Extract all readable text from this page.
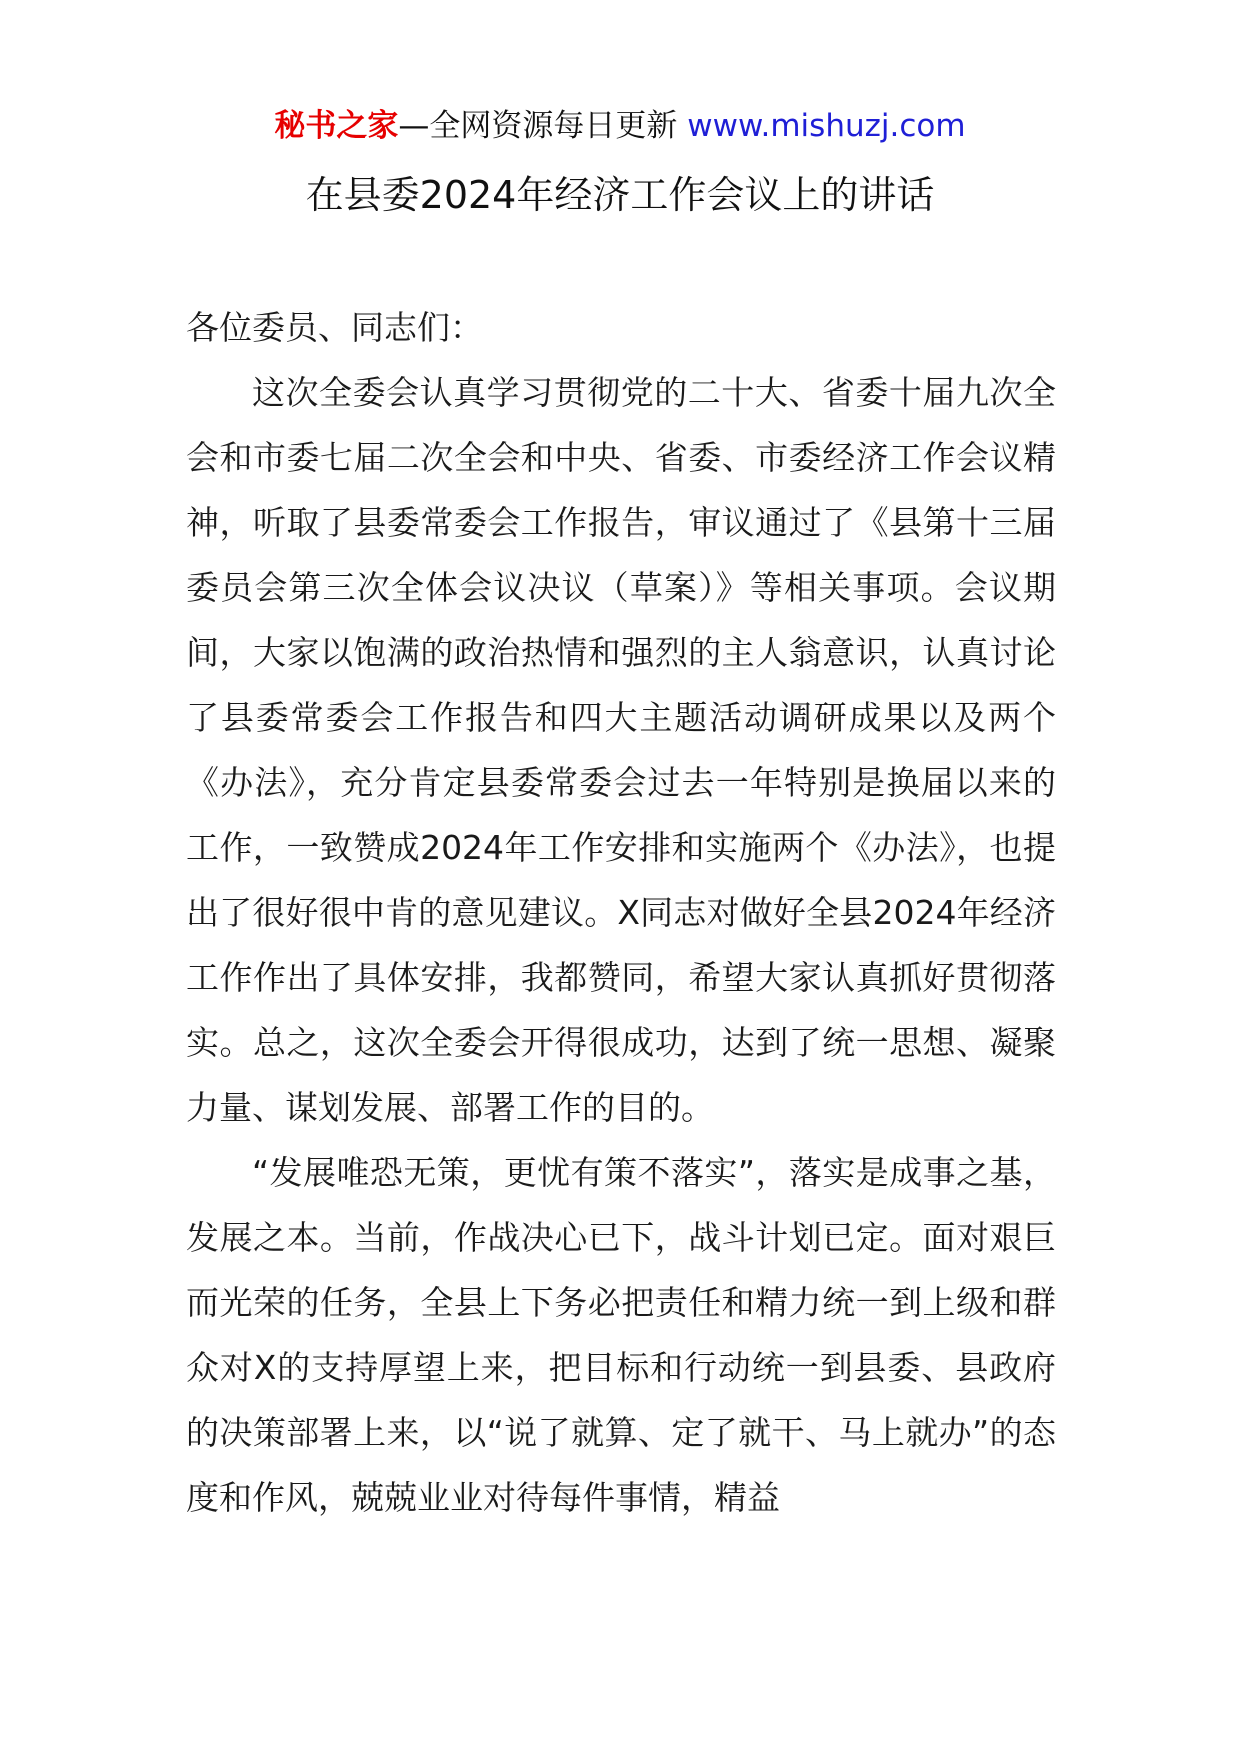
秘书之家—全网资源每日更新 www.mishuzj.com
在县委2024年经济工作会议上的讲话

各位委员、同志们：

这次全委会认真学习贯彻党的二十大、省委十届九次全会和市委七届二次全会和中央、省委、市委经济工作会议精神，听取了县委常委会工作报告，审议通过了《县第十三届委员会第三次全体会议决议（草案）》等相关事项。会议期间，大家以饱满的政治热情和强烈的主人翁意识，认真讨论了县委常委会工作报告和四大主题活动调研成果以及两个《办法》，充分肯定县委常委会过去一年特别是换届以来的工作，一致赞成2024年工作安排和实施两个《办法》，也提出了很好很中肯的意见建议。X同志对做好全县2024年经济工作作出了具体安排，我都赞同，希望大家认真抓好贯彻落实。总之，这次全委会开得很成功，达到了统一思想、凝聚力量、谋划发展、部署工作的目的。

“发展唯恐无策，更忧有策不落实”，落实是成事之基，发展之本。当前，作战决心已下，战斗计划已定。面对艰巨而光荣的任务，全县上下务必把责任和精力统一到上级和群众对X的支持厚望上来，把目标和行动统一到县委、县政府的决策部署上来，以“说了就算、定了就干、马上就办”的态度和作风，兢兢业业对待每件事情，精益
